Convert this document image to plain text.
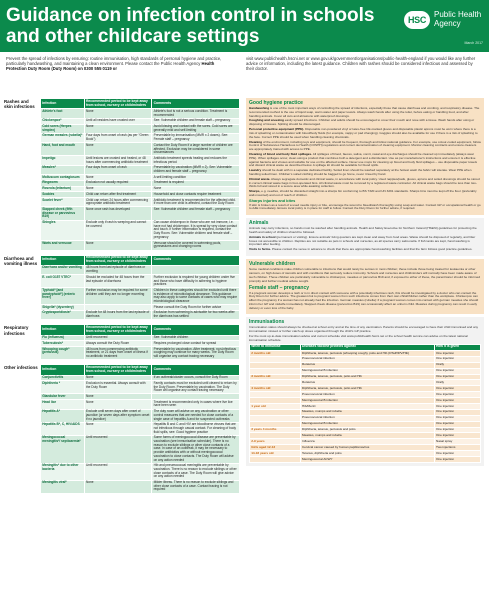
Guidance on infection control in schools and other childcare settings
HSC
Public Health Agency
March 2017
Prevent the spread of infections by ensuring: routine immunisation, high standards of personal hygiene and practice, particularly handwashing, and maintaining a clean environment. Please contact the Public Health Agency Health Protection Duty Room (Duty Room) on 0300 555 0119 or
visit www.publichealth.hscni.net or www.gov.uk/government/organisations/public-health-england if you would like any further advice or information, including the latest guidance. Children with rashes should be considered infectious and assessed by their doctor.
Rashes and skin infections
Infection	Recommended period to be kept away from school, nursery or childminders	Comments
Athlete's foot	None	Athlete's foot is not a serious condition. Treatment is recommended
Chickenpox*	Until all vesicles have crusted over	See: Vulnerable children and female staff – pregnancy
Cold sores (Herpes simplex)	None	Avoid kissing and contact with the sores. Cold sores are generally mild and self-limiting
German measles (rubella)*	Four days from onset of rash (as per "Green Book")	Preventable by immunisation (MMR x 2 doses). See: Female staff – pregnancy
Hand, foot and mouth	None	Contact the Duty Room if a large number of children are affected. Exclusion may be considered in some circumstances
Impetigo	Until lesions are crusted and healed, or 48 hours after commencing antibiotic treatment	Antibiotic treatment speeds healing and reduces the infectious period
Measles*	Four days from onset of rash	Preventable by vaccination (MMR x 2). See: Vulnerable children and female staff – pregnancy
Molluscum contagiosum	None	A self-limiting condition
Ringworm	Exclusion not usually required	Treatment is required
Roseola (infantum)	None	None
Scabies	Child can return after first treatment	Household and close contacts require treatment
Scarlet fever*	Child can return 24 hours after commencing appropriate antibiotic treatment	Antibiotic treatment is recommended for the affected child. If more than one child is affected, contact the Duty Room
Slapped cheek (fifth disease or parvovirus B19)	None once rash has developed	See: Vulnerable children and female staff – pregnancy
Shingles	Exclude only if rash is weeping and cannot be covered	Can cause chickenpox in those who are not immune, i.e. have not had chickenpox. It is spread by very close contact and touch. If further information is required, contact the Duty Room. See: Vulnerable children and female staff – pregnancy
Warts and verrucae	None	Verrucae should be covered in swimming pools, gymnasiums and changing rooms
Diarrhoea and vomiting illness
Infection	Recommended period to be kept away from school, nursery or childminders	Comments
Diarrhoea and/or vomiting	48 hours from last episode of diarrhoea or vomiting	
E. coli O157 VTEC*	Should be excluded for 48 hours from the last episode of diarrhoea	Further exclusion is required for young children under five and those who have difficulty in adhering to hygiene practices
Typhoid* [and paratyphoid*] (enteric fever)	Further exclusion may be required for some children until they are no longer excreting	Children in these categories should be excluded until there is evidence of microbiological clearance. This guidance may also apply to some contacts of cases who may require microbiological clearance
Shigella* (dysentery)		Please consult the Duty Room for further advice
Cryptosporidiosis*	Exclude for 48 hours from the last episode of diarrhoea	Exclusion from swimming is advisable for two weeks after the diarrhoea has settled
Respiratory infections
Infection	Recommended period to be kept away from school, nursery or childminders	Comments
Flu (influenza)	Until recovered	See: Vulnerable children
Tuberculosis*	Always consult the Duty Room	Requires prolonged close contact for spread
Whooping cough* (pertussis)	48 hours from commencing antibiotic treatment, or 21 days from onset of illness if no antibiotic treatment	Preventable by vaccination. After treatment, non-infectious coughing may continue for many weeks. The Duty Room will organise any contact tracing necessary
Other infections	Infection	Recommended period to be kept away from school, nursery or childminders	Comments
Conjunctivitis	None	If an outbreak/cluster occurs, consult the Duty Room
Diphtheria *	Exclusion is essential. Always consult with the Duty Room	Family contacts must be excluded until cleared to return by the Duty Room. Preventable by vaccination. The Duty Room will organise any contact tracing necessary
Glandular fever	None	
Head lice	None	Treatment is recommended only in cases where live lice have been seen
Hepatitis A*	Exclude until seven days after onset of jaundice (or seven days after symptom onset if no jaundice)	The duty room will advise on any vaccination or other control measures that are needed for close contacts of a single case of hepatitis A and for suspected outbreaks
Hepatitis B*, C, HIV/AIDS	None	Hepatitis B and C and HIV are bloodborne viruses that are not infectious through casual contact. For cleaning of body fluid spills, see: Good hygiene practice
Meningococcal meningitis*/ septicaemia*	Until recovered	Some forms of meningococcal disease are preventable by vaccination (see immunisation schedule). There is no reason to exclude siblings or other close contacts of a case. In case of an outbreak, it may be necessary to provide antibiotics with or without meningococcal vaccination to close contacts. The Duty Room will advise on any action needed
Meningitis* due to other bacteria	Until recovered	Hib and pneumococcal meningitis are preventable by vaccination. There is no reason to exclude siblings or other close contacts of a case. The Duty Room will give advice on any action needed
Meningitis viral*	None	Milder illness. There is no reason to exclude siblings and other close contacts of a case. Contact tracing is not required
Good hygiene practice

Handwashing is one of the most important ways of controlling the spread of infections, especially those that cause diarrhoea and vomiting, and respiratory disease. The recommended method is the use of liquid soap, warm water and paper towels. Always wash hands after using the toilet, before eating or handling food, and after handling animals. Cover all cuts and abrasions with waterproof dressings.

Coughing and sneezing easily spread infections. Children and adults should be encouraged to cover their mouth and nose with a tissue. Wash hands after using or disposing of tissues. Spitting should be discouraged.

Personal protective equipment (PPE). Disposable non-powdered vinyl or latex-free CE-marked gloves and disposable plastic aprons must be worn where there is a risk of splashing or contamination with blood/body fluids (for example, nappy or pad changing). Goggles should also be available for use if there is a risk of splashing to the face. Correct PPE should be used when handling cleaning chemicals.

Cleaning of the environment, including toys and equipment, should be frequent, thorough and follow national guidance. For example, use colour-coded equipment, follow Control of Substances Hazardous to Health (COSHH) regulations and correct decontamination of cleaning equipment. Monitor cleaning contracts and ensure cleaners are appropriately trained with access to PPE.

Cleaning of blood and body fluid spillages. All spillages of blood, faeces, saliva, vomit, nasal and eye discharges should be cleaned up immediately (always wear PPE). When spillages occur, clean using a product that combines both a detergent and a disinfectant. Use as per manufacturer's instructions and ensure it is effective against bacteria and viruses and suitable for use on the affected surface. Never use mops for cleaning up blood and body fluid spillages – use disposable paper towels and discard clinical waste as described below. A spillage kit should be available for blood spills.

Laundry should be dealt with in a separate dedicated facility. Soiled linen should be washed separately at the hottest wash the fabric will tolerate. Wear PPE when handling soiled linen. Children's soiled clothing should be bagged to go home, never rinsed by hand.

Clinical waste. Always segregate domestic and clinical waste, in accordance with local policy. Used nappies/pads, gloves, aprons and soiled dressings should be stored in correct clinical waste bags in foot-operated bins. All clinical waste must be removed by a registered waste contractor. All clinical waste bags should be less than two-thirds full and stored in a secure area while awaiting collection.

Sharps, e.g. needles, should be discarded straight into a sharps bin conforming to BS 7320 and UN 3291 standards. Sharps bins must be kept off the floor (preferably wall-mounted) and out of reach of children.

Sharps injuries and bites

If skin is broken as a result of a used needle injury or bite, encourage the wound to bleed/wash thoroughly using soap and water. Contact GP or occupational health or go to A&E immediately. Ensure local policy is in place for staff to follow. Contact the Duty Room for further advice, if required.

Animals

Animals may carry infections, so hands must be washed after handling animals. Health and Safety Executive for Northern Ireland (HSENI) guidelines for protecting the health and safety of children should be followed.

Animals in school (permanent or visiting). Ensure animals' living quarters are kept clean and away from food areas. Waste should be disposed of regularly, and litter boxes not accessible to children. Reptiles are not suitable as pets in schools and nurseries, as all species carry salmonella. If fish tanks are kept, hand washing is important after feeding.

Visits to farms. Please contact the venue in advance to check that there are appropriate hand-washing facilities and that the farm follows good practice guidelines.

Vulnerable children

Some medical conditions make children vulnerable to infections that would rarely be serious in most children; these include those being treated for leukaemia or other cancers, on high doses of steroids and with conditions that seriously reduce immunity. Schools and nurseries and childminders will normally have been made aware of such children. These children are particularly vulnerable to chickenpox, measles or parvovirus B19 and, if exposed to either of these, the parent/carer should be informed promptly and further medical advice sought.

Female staff – pregnancy

If a pregnant woman develops a rash or is in direct contact with someone with a potentially infectious rash, this should be investigated by a doctor who can contact the Duty Room for further advice. The greatest risk to pregnant women from such infections comes from their own child/children rather than the workplace. Chickenpox can affect the pregnancy if a woman has not already had the infection. German measles (rubella): if a pregnant woman comes into contact with german measles she should inform her GP and midwife immediately. Slapped cheek disease (parvovirus B19) can occasionally affect an unborn child. Measles during pregnancy can result in early delivery or even loss of the baby.

Immunisations

Immunisation status should always be checked at school entry and at the time of any vaccination. Parents should be encouraged to have their child immunised and any immunisation missed or further catch-up doses organised through the child's GP practice.

For the most up-to-date immunisation advice and current schedule visit www.publichealth.hscni.net or the school health service can advise on the latest national immunisation schedule.

When to immunise	Diseases vaccine protects against	How it is given
2 months old	Diphtheria, tetanus, pertussis (whooping cough), polio and Hib (DTaP/IPV/Hib)	One injection
	Pneumococcal infection	One injection
	Rotavirus	Orally
	Meningococcal B infection	One injection
3 months old	Diphtheria, tetanus, pertussis, polio and Hib	One injection
	Rotavirus	Orally
4 months old	Diphtheria, tetanus, pertussis, polio and Hib	One injection
	Pneumococcal infection	One injection
	Meningococcal B infection	One injection
1 year old	Hib/MenC	One injection
	Measles, mumps and rubella	One injection
	Pneumococcal infection	One injection
	Meningococcal B infection	One injection
3 years 4 months	Diphtheria, tetanus, pertussis and polio	One injection
	Measles, mumps and rubella	One injection
2-9 years	Influenza	Nasal spray
Girls aged 12-13	Cervical cancer caused by human papillomavirus	Two injections
14-18 years old	Tetanus, diphtheria and polio	One injection
	Meningococcal ACWY	One injection
